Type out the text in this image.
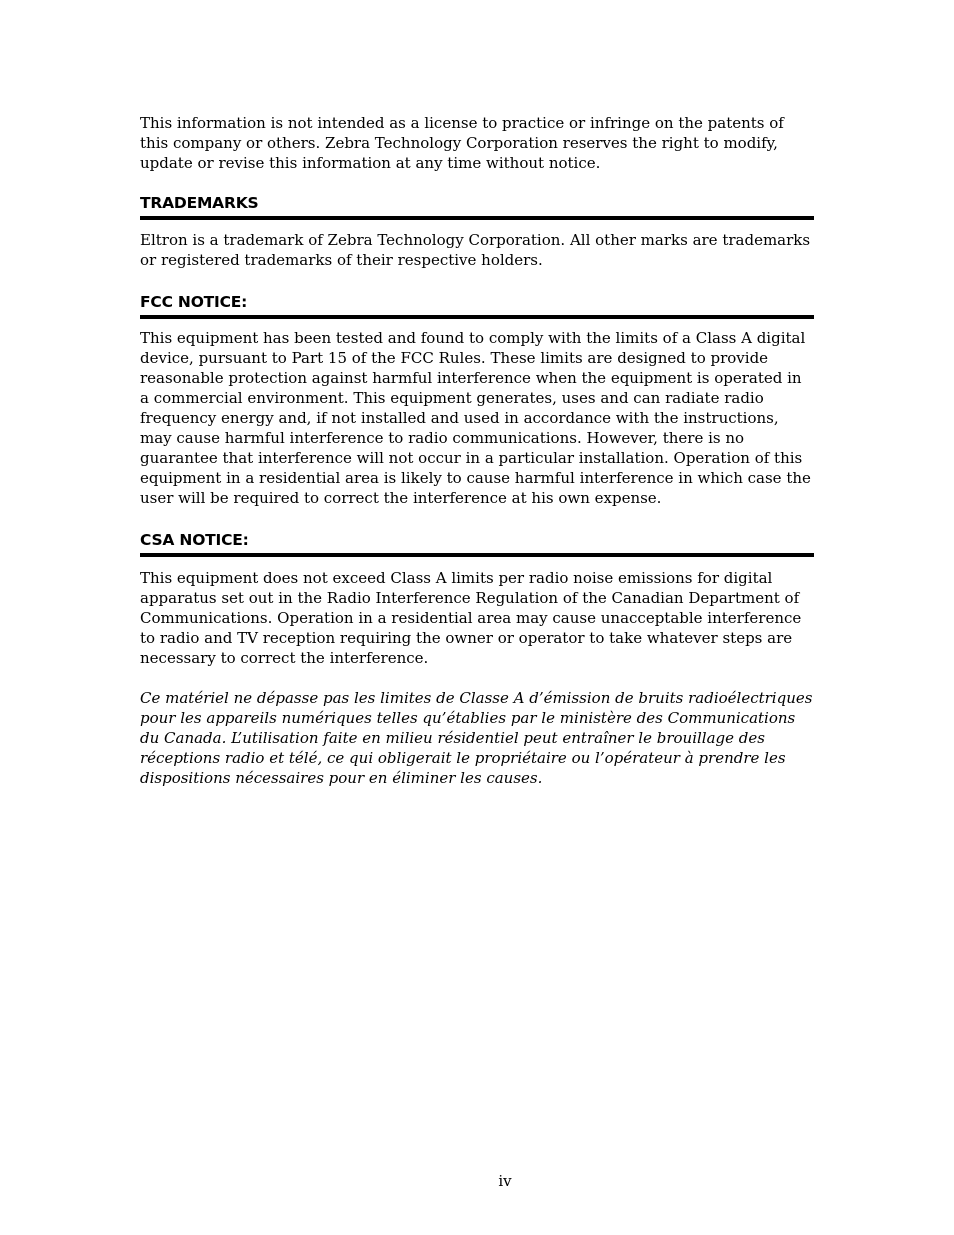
This information is not intended as a license to practice or infringe on the patents of this company or others. Zebra Technology Corporation reserves the right to modify, update or revise this information at any time without notice.

TRADEMARKS

Eltron is a trademark of Zebra Technology Corporation. All other marks are trademarks or registered trademarks of their respective holders.

FCC NOTICE:

This equipment has been tested and found to comply with the limits of a Class A digital device, pursuant to Part 15 of the FCC Rules. These limits are designed to provide reasonable protection against harmful interference when the equipment is operated in a commercial environment. This equipment generates, uses and can radiate radio frequency energy and, if not installed and used in accordance with the instructions, may cause harmful interference to radio communications. However, there is no guarantee that interference will not occur in a particular installation. Operation of this equipment in a residential area is likely to cause harmful interference in which case the user will be required to correct the interference at his own expense.

CSA NOTICE:

This equipment does not exceed Class A limits per radio noise emissions for digital apparatus set out in the Radio Interference Regulation of the Canadian Department of Communications. Operation in a residential area may cause unacceptable interference to radio and TV reception requiring the owner or operator to take whatever steps are necessary to correct the interference.

Ce matériel ne dépasse pas les limites de Classe A d’émission de bruits radioélectriques pour les appareils numériques telles qu’établies par le ministère des Communications du Canada. L’utilisation faite en milieu résidentiel peut entraîner le brouillage des réceptions radio et télé, ce qui obligerait le propriétaire ou l’opérateur à prendre les dispositions nécessaires pour en éliminer les causes.

iv
